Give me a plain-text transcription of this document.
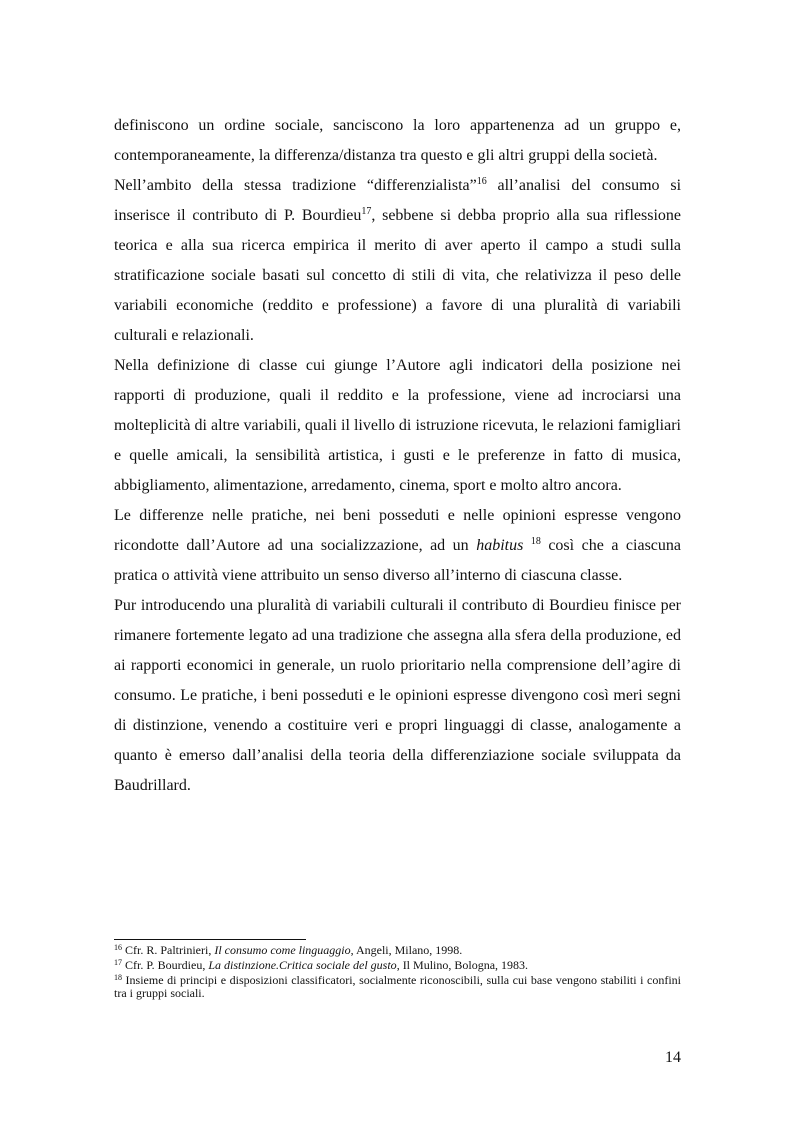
definiscono un ordine sociale, sanciscono la loro appartenenza ad un gruppo e, contemporaneamente, la differenza/distanza tra questo e gli altri gruppi della società.

Nell’ambito della stessa tradizione “differenzialista”$^{16}$ all’analisi del consumo si inserisce il contributo di P. Bourdieu$^{17}$, sebbene si debba proprio alla sua riflessione teorica e alla sua ricerca empirica il merito di aver aperto il campo a studi sulla stratificazione sociale basati sul concetto di stili di vita, che relativizza il peso delle variabili economiche (reddito e professione) a favore di una pluralità di variabili culturali e relazionali.

Nella definizione di classe cui giunge l’Autore agli indicatori della posizione nei rapporti di produzione, quali il reddito e la professione, viene ad incrociarsi una molteplicità di altre variabili, quali il livello di istruzione ricevuta, le relazioni famigliari e quelle amicali, la sensibilità artistica, i gusti e le preferenze in fatto di musica, abbigliamento, alimentazione, arredamento, cinema, sport e molto altro ancora.

Le differenze nelle pratiche, nei beni posseduti e nelle opinioni espresse vengono ricondotte dall’Autore ad una socializzazione, ad un habitus $^{18}$ così che a ciascuna pratica o attività viene attribuito un senso diverso all’interno di ciascuna classe.

Pur introducendo una pluralità di variabili culturali il contributo di Bourdieu finisce per rimanere fortemente legato ad una tradizione che assegna alla sfera della produzione, ed ai rapporti economici in generale, un ruolo prioritario nella comprensione dell’agire di consumo. Le pratiche, i beni posseduti e le opinioni espresse divengono così meri segni di distinzione, venendo a costituire veri e propri linguaggi di classe, analogamente a quanto è emerso dall’analisi della teoria della differenziazione sociale sviluppata da Baudrillard.

$^{16}$ Cfr. R. Paltrinieri, Il consumo come linguaggio, Angeli, Milano, 1998.

$^{17}$ Cfr. P. Bourdieu, La distinzione.Critica sociale del gusto, Il Mulino, Bologna, 1983.

$^{18}$ Insieme di principi e disposizioni classificatori, socialmente riconoscibili, sulla cui base vengono stabiliti i confini tra i gruppi sociali.

14
